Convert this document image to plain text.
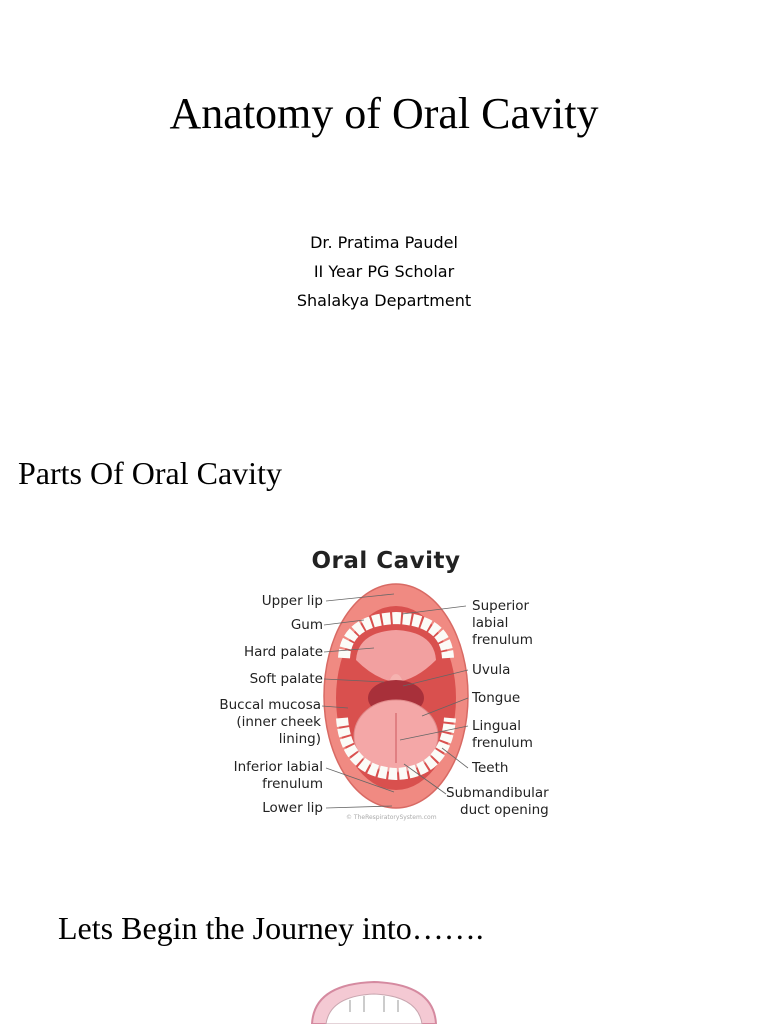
Anatomy of Oral Cavity
Dr. Pratima Paudel
II Year PG Scholar
Shalakya Department
Parts Of Oral Cavity
Oral Cavity
Upper lip
Gum
Hard palate
Soft palate
Buccal mucosa
(inner cheek
lining)
Inferior labial
frenulum
Lower lip
Superior
labial
frenulum
Uvula
Tongue
Lingual
frenulum
Teeth
Submandibular
duct opening
© TheRespiratorySystem.com
Lets Begin the Journey into…….
